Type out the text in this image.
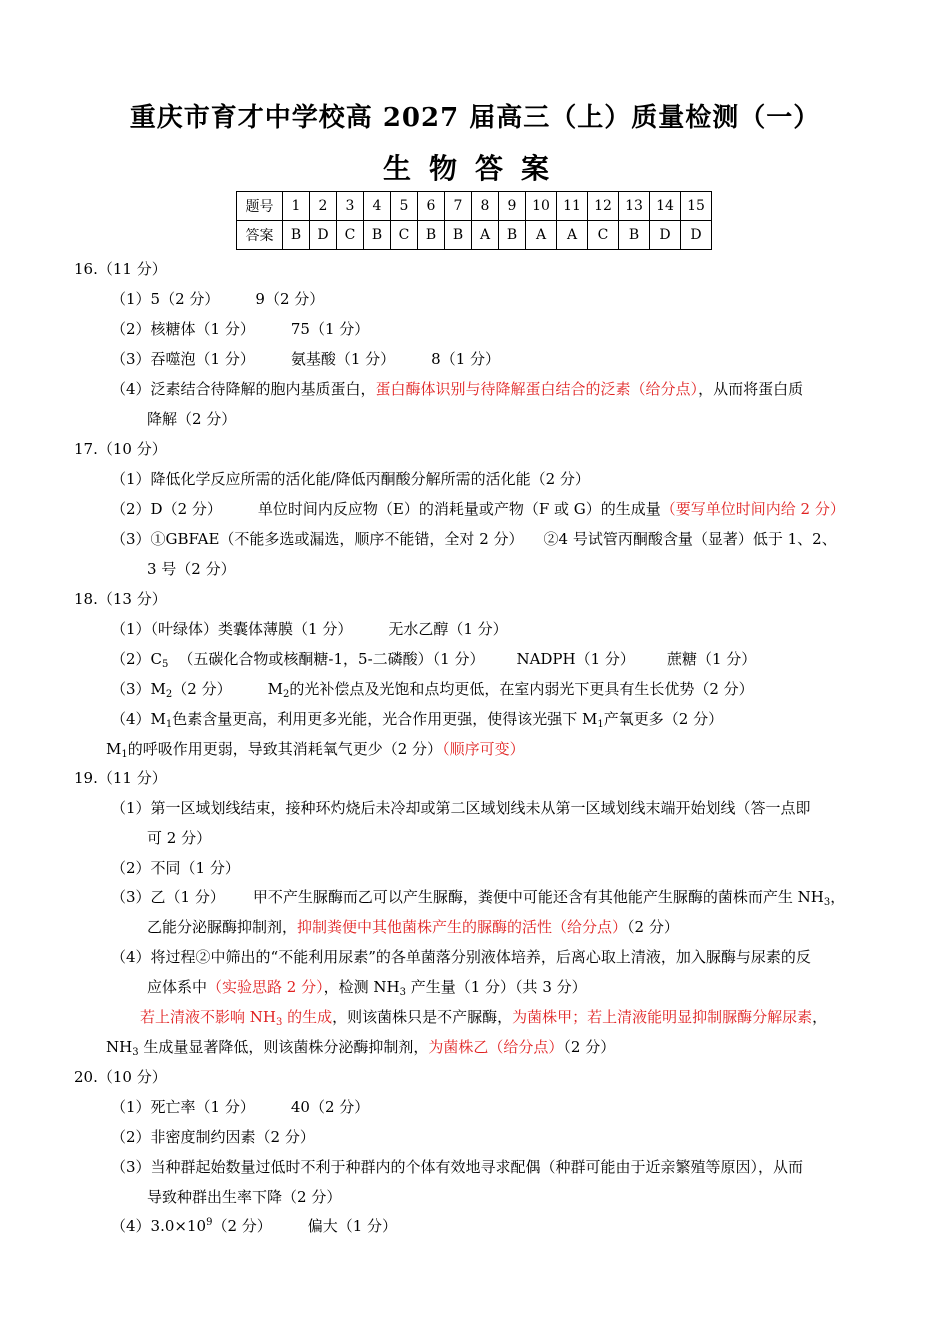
重庆市育才中学校高 2027 届高三（上）质量检测（一）
生物答案
题号	1	2	3	4	5	6	7	8	9	10	11	12	13	14	15
答案	B	D	C	B	C	B	B	A	B	A	A	C	B	D	D
16.（11 分）
（1）5（2 分） 9（2 分）
（2）核糖体（1 分） 75（1 分）
（3）吞噬泡（1 分） 氨基酸（1 分） 8（1 分）
（4）泛素结合待降解的胞内基质蛋白，蛋白酶体识别与待降解蛋白结合的泛素（给分点），从而将蛋白质
降解（2 分）
17.（10 分）
（1）降低化学反应所需的活化能/降低丙酮酸分解所需的活化能（2 分）
（2）D（2 分） 单位时间内反应物（E）的消耗量或产物（F 或 G）的生成量（要写单位时间内给 2 分）
（3）①GBFAE（不能多选或漏选，顺序不能错，全对 2 分） ②4 号试管丙酮酸含量（显著）低于 1、2、
3 号（2 分）
18.（13 分）
（1）（叶绿体）类囊体薄膜（1 分） 无水乙醇（1 分）
$(2)C_5$ （五碳化合物或核酮糖-1，5-二磷酸）（1 分） NADPH（1 分） 蔗糖（1 分）
$(3)M_2(2$ 分） $M_2$的光补偿点及光饱和点均更低，在室内弱光下更具有生长优势（2 分）
$(4)M_1$色素含量更高，利用更多光能，光合作用更强，使得该光强下 $M_1$产氧更多（2 分）
$M_1$的呼吸作用更弱，导致其消耗氧气更少（2 分）（顺序可变）
19.（11 分）
（1）第一区域划线结束，接种环灼烧后未冷却或第二区域划线未从第一区域划线末端开始划线（答一点即
可 2 分）
（2）不同（1 分）
（3）乙（1 分） 甲不产生脲酶而乙可以产生脲酶，粪便中可能还含有其他能产生脲酶的菌株而产生 $NH_3$，
乙能分泌脲酶抑制剂，抑制粪便中其他菌株产生的脲酶的活性（给分点）（2 分）
（4）将过程②中筛出的“不能利用尿素”的各单菌落分别液体培养，后离心取上清液，加入脲酶与尿素的反
应体系中（实验思路 2 分），检测 $NH_3$ 产生量（1 分）（共 3 分）
若上清液不影响 $NH_3$ 的生成，则该菌株只是不产脲酶，为菌株甲；若上清液能明显抑制脲酶分解尿素，
$NH_3$ 生成量显著降低，则该菌株分泌酶抑制剂，为菌株乙（给分点）（2 分）
20.（10 分）
（1）死亡率（1 分） 40（2 分）
（2）非密度制约因素（2 分）
（3）当种群起始数量过低时不利于种群内的个体有效地寻求配偶（种群可能由于近亲繁殖等原因），从而
导致种群出生率下降（2 分）
$(4)3.0\times 10^9(2$ 分） 偏大（1 分）
